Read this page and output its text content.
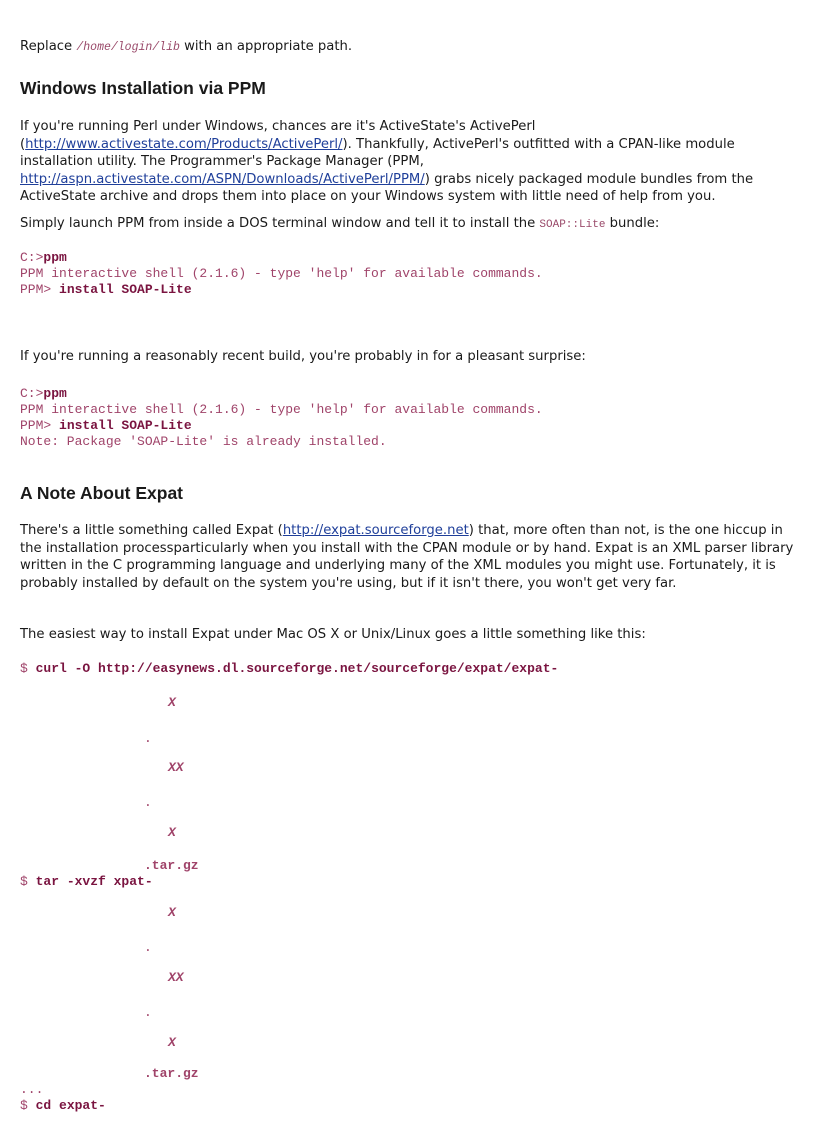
Replace /home/login/lib with an appropriate path.

Windows Installation via PPM

If you're running Perl under Windows, chances are it's ActiveState's ActivePerl (http://www.activestate.com/Products/ActivePerl/). Thankfully, ActivePerl's outfitted with a CPAN-like module installation utility. The Programmer's Package Manager (PPM, http://aspn.activestate.com/ASPN/Downloads/ActivePerl/PPM/) grabs nicely packaged module bundles from the ActiveState archive and drops them into place on your Windows system with little need of help from you.

Simply launch PPM from inside a DOS terminal window and tell it to install the SOAP::Lite bundle:

C:>ppm
PPM interactive shell (2.1.6) - type 'help' for available commands.
PPM> install SOAP-Lite

If you're running a reasonably recent build, you're probably in for a pleasant surprise:

C:>ppm
PPM interactive shell (2.1.6) - type 'help' for available commands.
PPM> install SOAP-Lite
Note: Package 'SOAP-Lite' is already installed.
A Note About Expat

There's a little something called Expat (http://expat.sourceforge.net) that, more often than not, is the one hiccup in the installation processparticularly when you install with the CPAN module or by hand. Expat is an XML parser library written in the C programming language and underlying many of the XML modules you might use. Fortunately, it is probably installed by default on the system you're using, but if it isn't there, you won't get very far.

The easiest way to install Expat under Mac OS X or Unix/Linux goes a little something like this:

$ curl -O http://easynews.dl.sourceforge.net/sourceforge/expat/expat-
X
.
XX
.
X
.tar.gz
$ tar -xvzf xpat-
X
.
XX
.
X
.tar.gz
...
$ cd expat-
